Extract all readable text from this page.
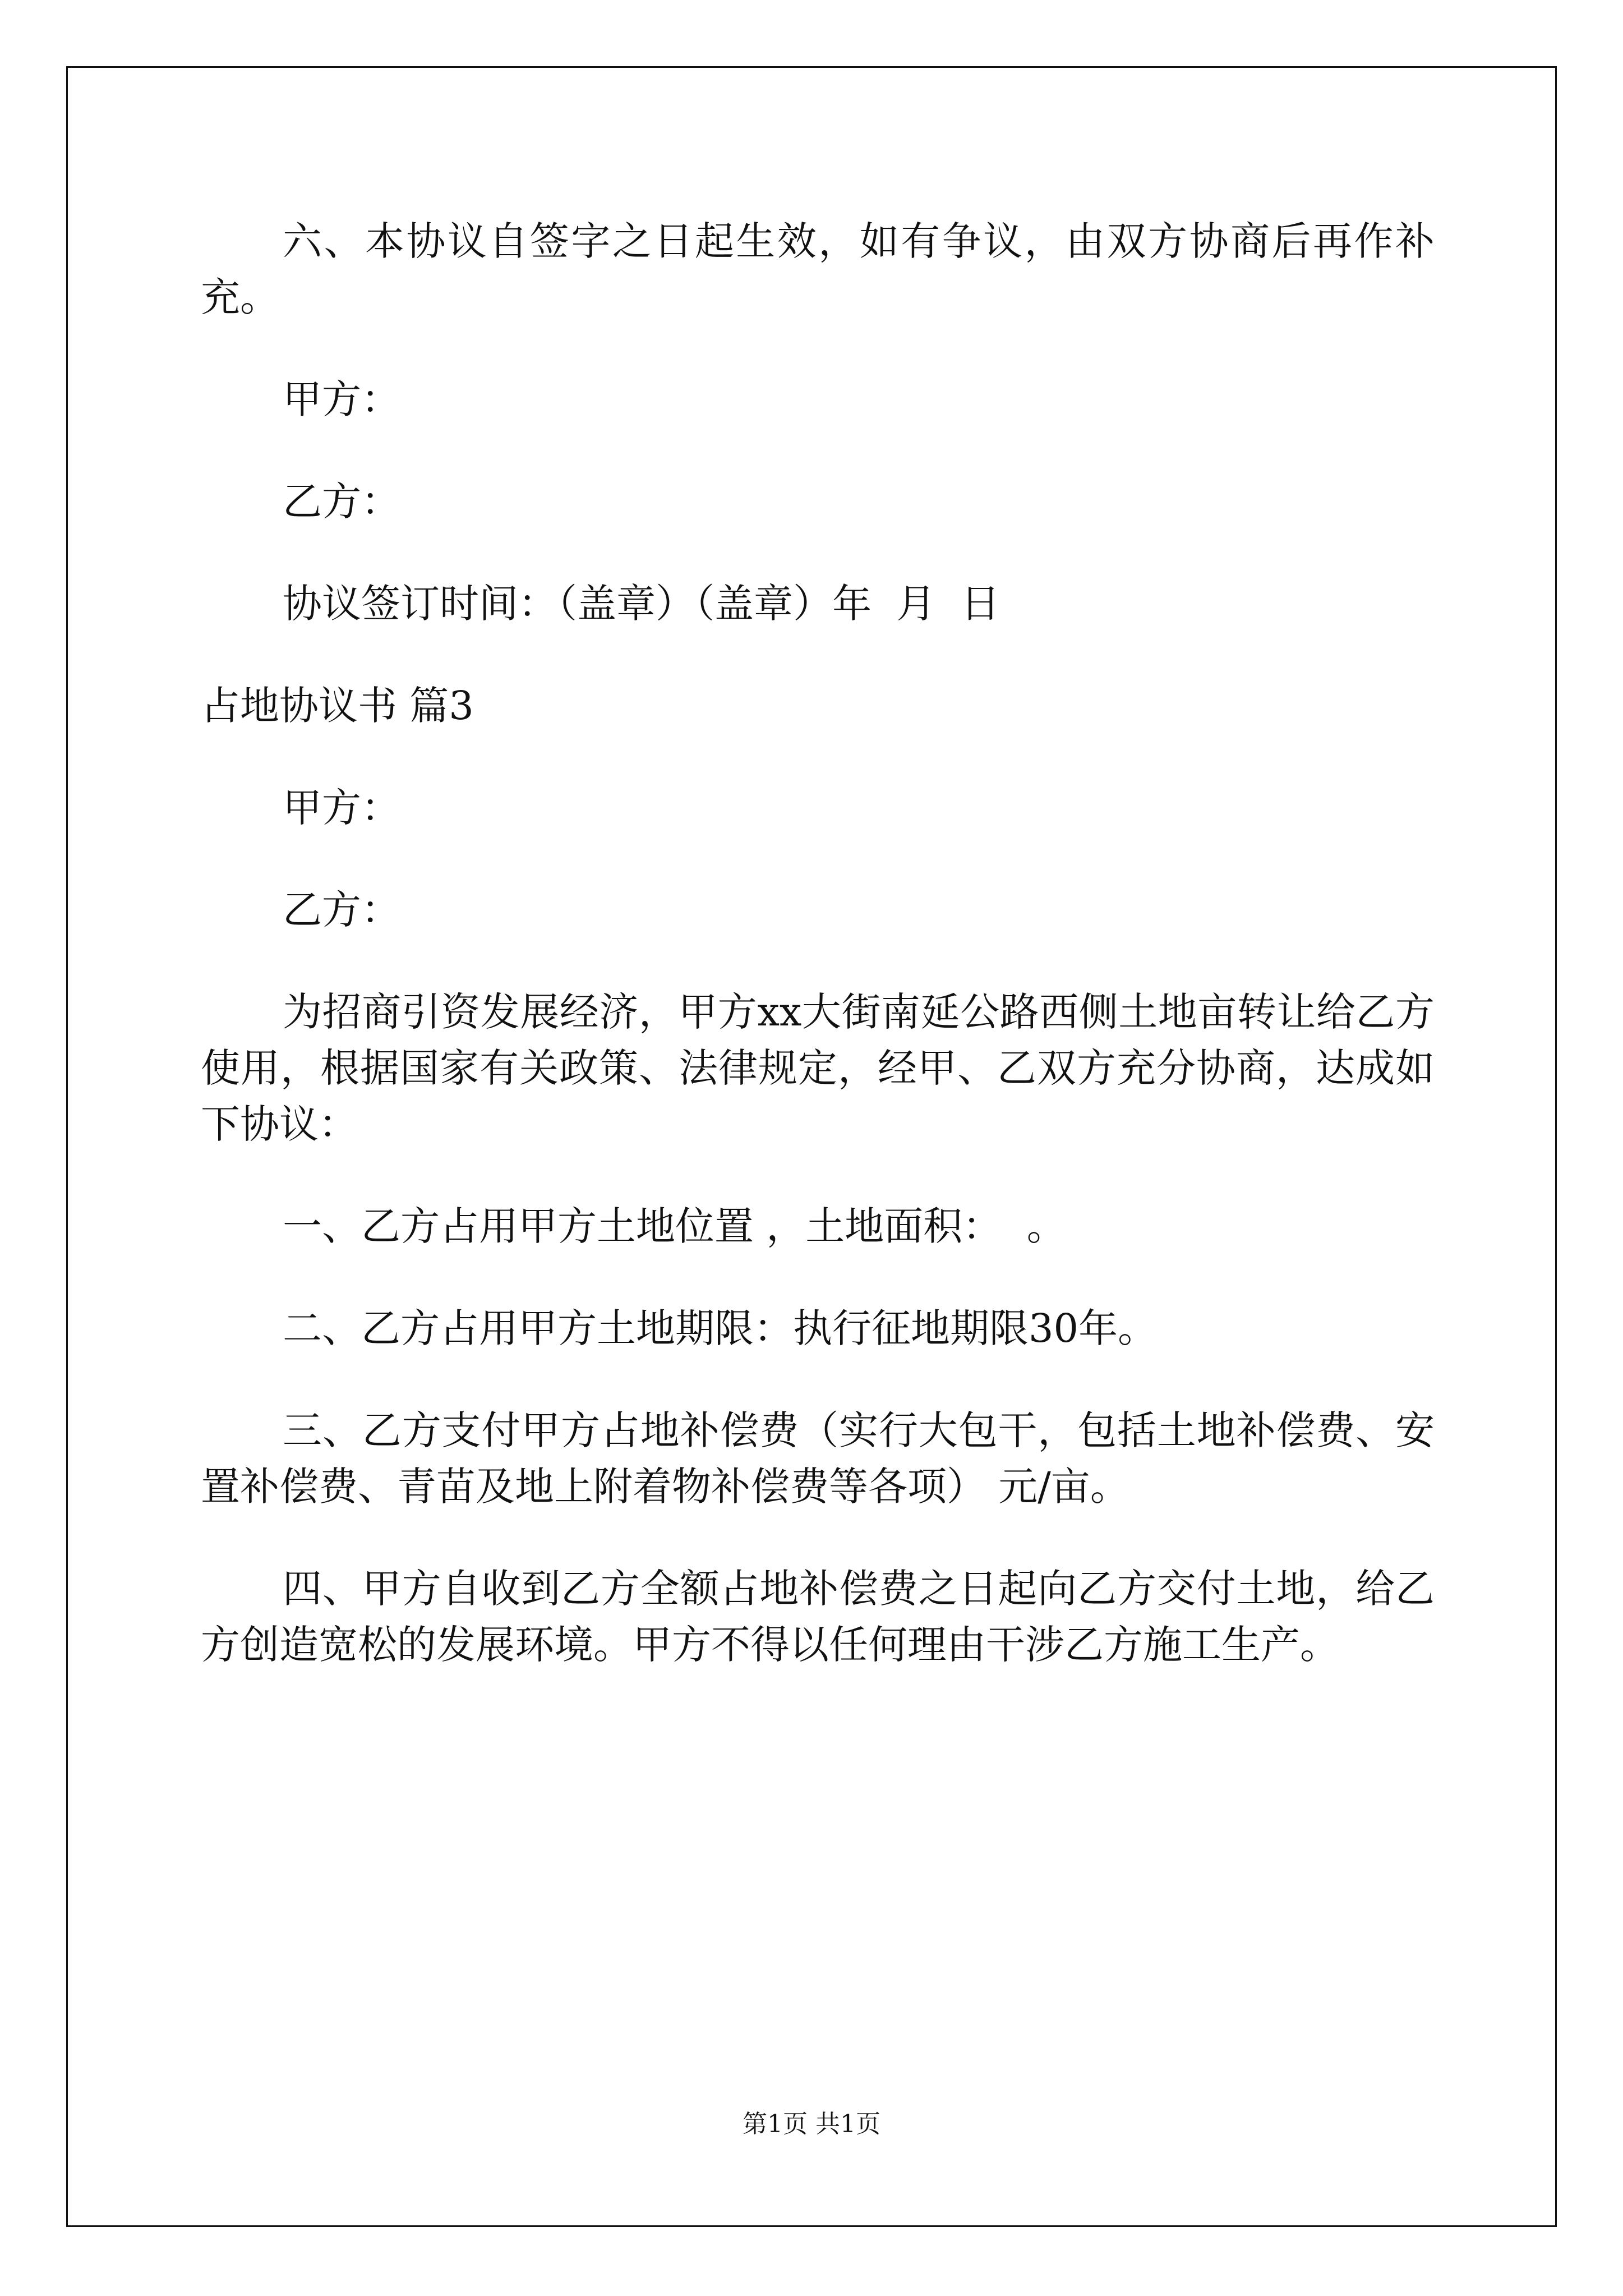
六、本协议自签字之日起生效，如有争议，由双方协商后再作补充。

甲方：

乙方：

协议签订时间：（盖章）（盖章）年  月  日

占地协议书 篇3

甲方：

乙方：

为招商引资发展经济，甲方xx大街南延公路西侧土地亩转让给乙方使用，根据国家有关政策、法律规定，经甲、乙双方充分协商，达成如下协议：

一、乙方占用甲方土地位置 ，土地面积：  。

二、乙方占用甲方土地期限：执行征地期限30年。

三、乙方支付甲方占地补偿费（实行大包干，包括土地补偿费、安置补偿费、青苗及地上附着物补偿费等各项） 元/亩。

四、甲方自收到乙方全额占地补偿费之日起向乙方交付土地，给乙方创造宽松的发展环境。甲方不得以任何理由干涉乙方施工生产。

第1页 共1页
